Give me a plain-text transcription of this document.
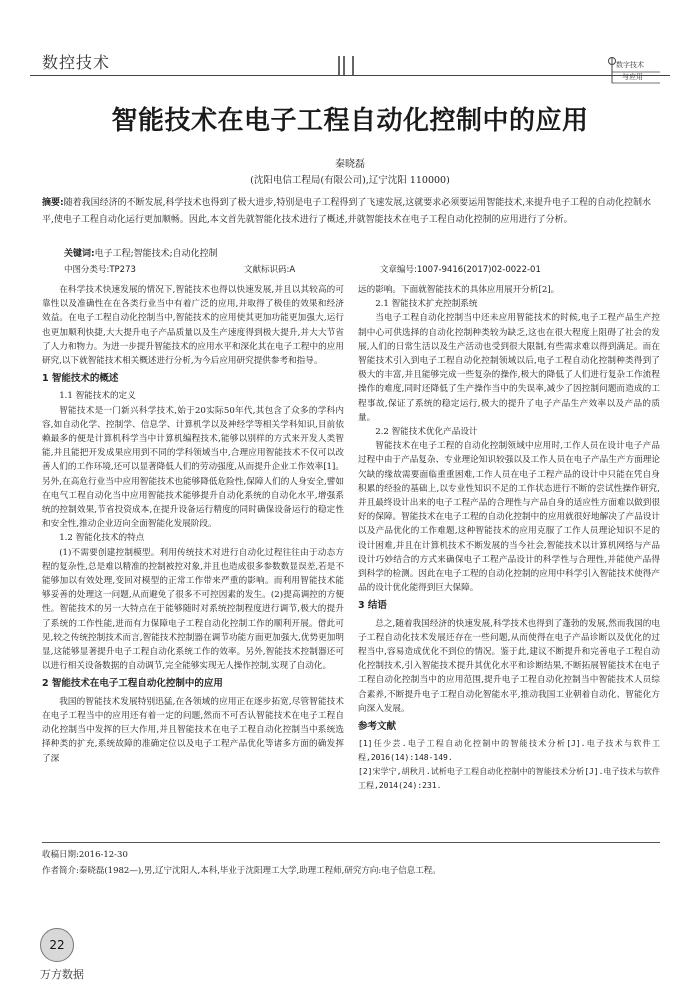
数控技术	数字技术
与应用
智能技术在电子工程自动化控制中的应用
秦晓磊
(沈阳电信工程局(有限公司),辽宁沈阳 110000)
摘要:随着我国经济的不断发展,科学技术也得到了极大进步,特别是电子工程得到了飞速发展,这就要求必须要运用智能技术,来提升电子工程的自动化控制水平,使电子工程自动化运行更加顺畅。因此,本文首先就智能化技术进行了概述,并就智能技术在电子工程自动化控制的应用进行了分析。
关键词:电子工程;智能技术;自动化控制
中图分类号:TP273	文献标识码:A	文章编号:1007-9416(2017)02-0022-01

在科学技术快速发展的情况下,智能技术也得以快速发展,并且以其较高的可靠性以及准确性在在各类行业当中有着广泛的应用,并取得了极佳的效果和经济效益。在电子工程自动化控制当中,智能技术的应用使其更加功能更加强大,运行也更加顺利快捷,大大提升电子产品质量以及生产速度得到极大提升,并大大节省了人力和物力。为进一步提升智能技术的应用水平和深化其在电子工程中的应用研究,以下就智能技术相关概述进行分析,为今后应用研究提供参考和指导。

1 智能技术的概述

1.1 智能技术的定义

智能技术是一门新兴科学技术,始于20实际50年代,其包含了众多的学科内容,如自动化学、控制学、信息学、计算机学以及神经学等相关学科知识,目前依赖最多的便是计算机科学当中计算机编程技术,能够以别样的方式来开发人类智能,并且能把开发成果应用到不同的学科领域当中,合理应用智能技术不仅可以改善人们的工作环境,还可以显著降低人们的劳动强度,从而提升企业工作效率[1]。另外,在高危行业当中应用智能技术也能够降低危险性,保障人们的人身安全,譬如在电气工程自动化当中应用智能技术能够提升自动化系统的自动化水平,增强系统的控制效果,节省投资成本,在提升设备运行精度的同时确保设备运行的稳定性和安全性,推动企业迈向全面智能化发展阶段。

1.2 智能化技术的特点

(1)不需要创建控制模型。利用传统技术对进行自动化过程往往由于动态方程的复杂性,总是难以精准的控制被控对象,并且也造成很多参数数显误差,若是不能够加以有效处理,变回对模型的正常工作带来严重的影响。而利用智能技术能够妥善的处理这一问题,从而避免了很多不可控因素的发生。(2)提高调控的方便性。智能技术的另一大特点在于能够随时对系统控制程度进行调节,极大的提升了系统的工作性能,进而有力保障电子工程自动化控制工作的顺利开展。借此可见,较之传统控制技术而言,智能技术控制器在调节功能方面更加强大,优势更加明显,这能够显著提升电子工程自动化系统工作的效率。另外,智能技术控制器还可以进行相关设备数据的自动调节,完全能够实现无人操作控制,实现了自动化。

2 智能技术在电子工程自动化控制中的应用

我国的智能技术发展特别迅猛,在各领域的应用正在逐步拓宽,尽管智能技术在电子工程当中的应用还有着一定的问题,然而不可否认智能技术在电子工程自动化控制当中发挥的巨大作用,并且智能技术在电子工程自动化控制当中系统选择种类的扩充,系统故障的准确定位以及电子工程产品优化等诸多方面的确发挥了深

远的影响。下面就智能技术的具体应用展开分析[2]。

2.1 智能技术扩充控制系统

当电子工程自动化控制当中还未应用智能技术的时候,电子工程产品生产控制中心可供选择的自动化控制种类较为缺乏,这也在很大程度上阻碍了社会的发展,人们的日常生活以及生产活动也受到很大限制,有些需求难以得到满足。而在智能技术引入到电子工程自动化控制领域以后,电子工程自动化控制种类得到了极大的丰富,并且能够完成一些复杂的操作,极大的降低了人们进行复杂工作流程操作的难度,同时还降低了生产操作当中的失误率,减少了因控制问题而造成的工程事故,保证了系统的稳定运行,极大的提升了电子产品生产效率以及产品的质量。

2.2 智能技术优化产品设计

智能技术在电子工程的自动化控制领域中应用时,工作人员在设计电子产品过程中由于产品复杂、专业理论知识较强以及工作人员在电子产品生产方面理论欠缺的缘故需要面临重重困难,工作人员在电子工程产品的设计中只能在凭自身积累的经验的基础上,以专业性知识不足的工作状态进行不断的尝试性操作研究,并且最终设计出来的电子工程产品的合理性与产品自身的适应性方面难以做到很好的保障。智能技术在电子工程的自动化控制中的应用就很好地解决了产品设计以及产品优化的工作难题,这种智能技术的应用克服了工作人员理论知识不足的设计困难,并且在计算机技术不断发展的当今社会,智能技术以计算机网络与产品设计巧妙结合的方式来确保电子工程产品设计的科学性与合理性,并能使产品得到科学的检测。因此在电子工程的自动化控制的应用中科学引入智能技术使得产品的设计优化能得到巨大保障。

3 结语

总之,随着我国经济的快速发展,科学技术也得到了蓬勃的发展,然而我国的电子工程自动化技术发展还存在一些问题,从而使得在电子产品诊断以及优化的过程当中,容易造成优化不到位的情况。鉴于此,建议不断提升和完善电子工程自动化控制技术,引入智能技术提升其优化水平和诊断结果,不断拓展智能技术在电子工程自动化控制当中的应用范围,提升电子工程自动化控制当中智能技术人员综合素养,不断提升电子工程自动化智能水平,推动我国工业朝着自动化、智能化方向深入发展。

参考文献

[1]任少芸.电子工程自动化控制中的智能技术分析[J].电子技术与软件工程,2016(14):148-149.

[2]宋学宁,胡秋月.试析电子工程自动化控制中的智能技术分析[J].电子技术与软件工程,2014(24):231.

收稿日期:2016-12-30
作者简介:秦晓磊(1982—),男,辽宁沈阳人,本科,毕业于沈阳理工大学,助理工程师,研究方向:电子信息工程。
22
万方数据
